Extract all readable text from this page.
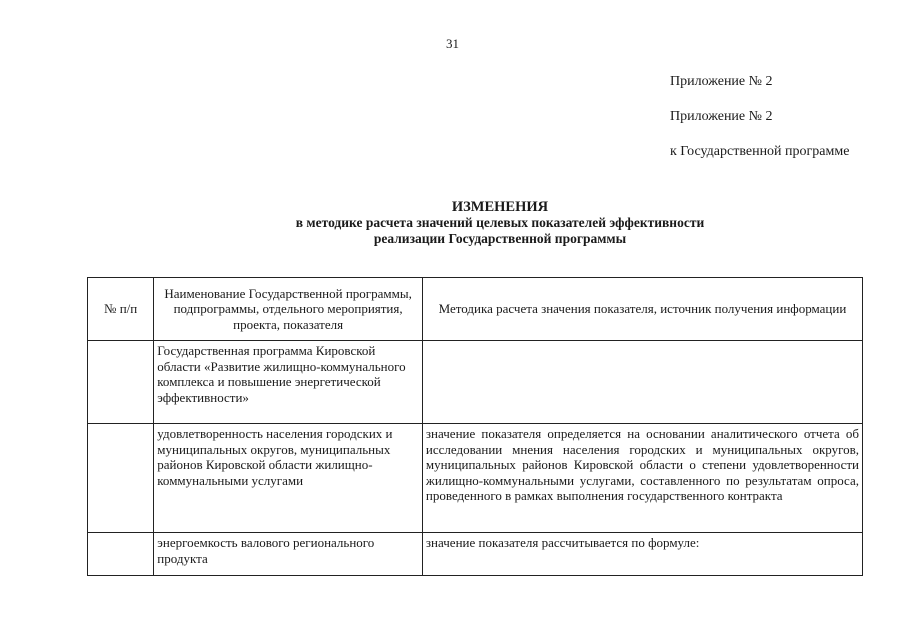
31
Приложение № 2
Приложение № 2
к Государственной программе
ИЗМЕНЕНИЯ
в методике расчета значений целевых показателей эффективности
реализации Государственной программы
№ п/п	Наименование Государственной программы, подпрограммы, отдельного мероприятия, проекта, показателя	Методика расчета значения показателя, источник получения информации
	Государственная программа Кировской области «Развитие жилищно-коммунального комплекса и повышение энергетической эффективности»	
	удовлетворенность населения городских и муниципальных округов, муниципальных районов Кировской области жилищно-коммунальными услугами	значение показателя определяется на основании аналитического отчета об исследовании мнения населения городских и муниципальных округов, муниципальных районов Кировской области о степени удовлетворенности жилищно-коммунальными услугами, составленного по результатам опроса, проведенного в рамках выполнения государственного контракта
	энергоемкость валового регионального продукта	значение показателя рассчитывается по формуле:
